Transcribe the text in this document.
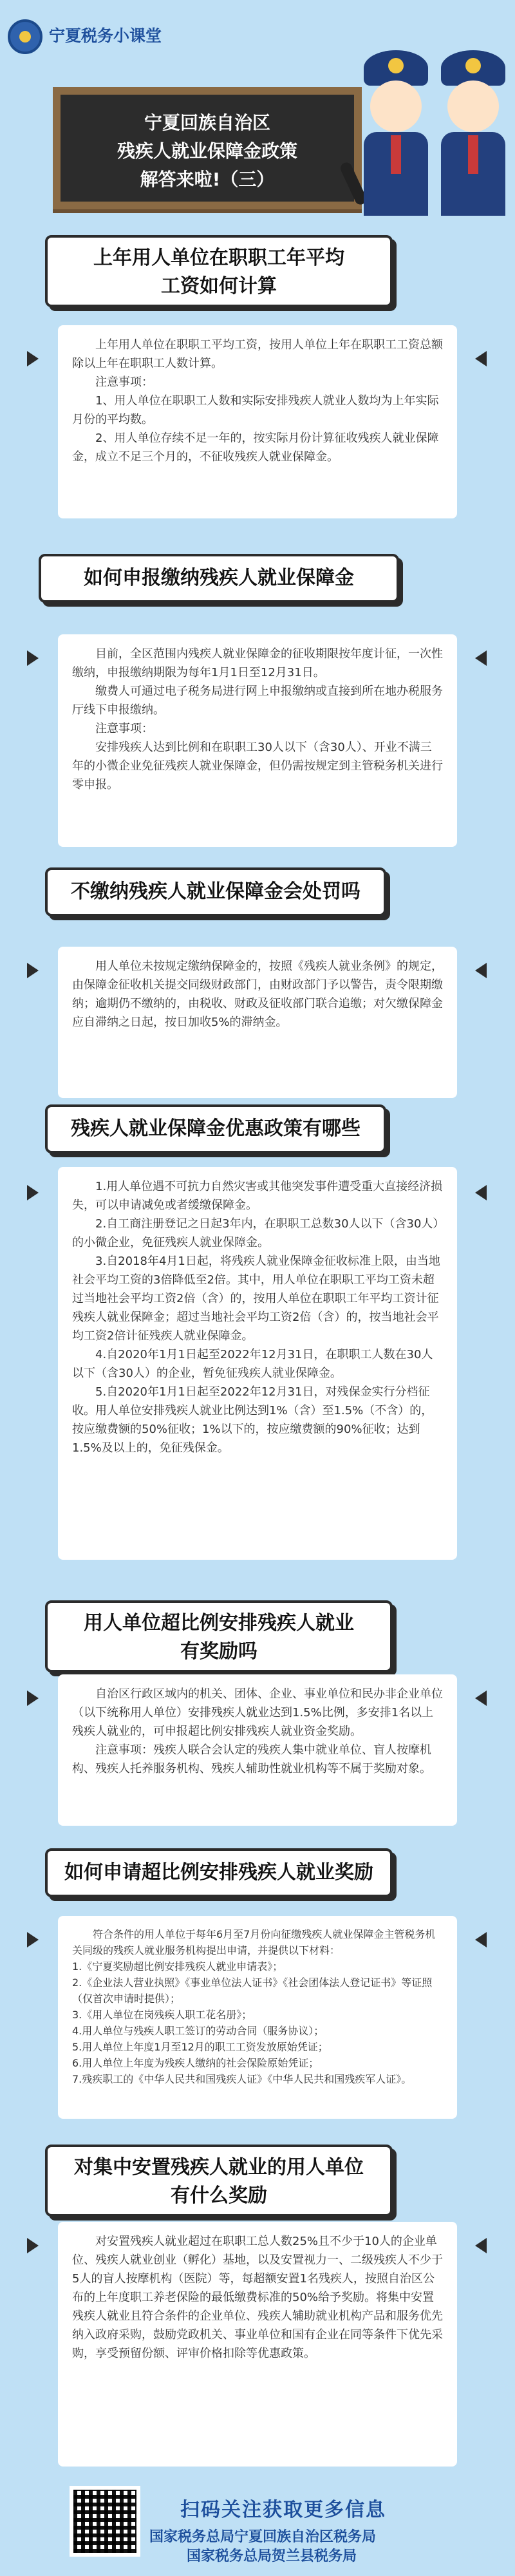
宁夏税务小课堂
宁夏回族自治区
残疾人就业保障金政策
解答来啦!（三）
上年用人单位在职职工年平均
工资如何计算

上年用人单位在职职工平均工资，按用人单位上年在职职工工资总额除以上年在职职工人数计算。

注意事项：

1、用人单位在职职工人数和实际安排残疾人就业人数均为上年实际月份的平均数。

2、用人单位存续不足一年的，按实际月份计算征收残疾人就业保障金，成立不足三个月的，不征收残疾人就业保障金。

如何申报缴纳残疾人就业保障金

目前，全区范围内残疾人就业保障金的征收期限按年度计征，一次性缴纳，申报缴纳期限为每年1月1日至12月31日。

缴费人可通过电子税务局进行网上申报缴纳或直接到所在地办税服务厅线下申报缴纳。

注意事项：

安排残疾人达到比例和在职职工30人以下（含30人）、开业不满三年的小微企业免征残疾人就业保障金，但仍需按规定到主管税务机关进行零申报。

不缴纳残疾人就业保障金会处罚吗

用人单位未按规定缴纳保障金的，按照《残疾人就业条例》的规定，由保障金征收机关提交同级财政部门，由财政部门予以警告，责令限期缴纳；逾期仍不缴纳的，由税收、财政及征收部门联合追缴；对欠缴保障金应自滞纳之日起，按日加收5%的滞纳金。

残疾人就业保障金优惠政策有哪些

1.用人单位遇不可抗力自然灾害或其他突发事件遭受重大直接经济损失，可以申请减免或者缓缴保障金。

2.自工商注册登记之日起3年内，在职职工总数30人以下（含30人）的小微企业，免征残疾人就业保障金。

3.自2018年4月1日起，将残疾人就业保障金征收标准上限，由当地社会平均工资的3倍降低至2倍。其中，用人单位在职职工平均工资未超过当地社会平均工资2倍（含）的，按用人单位在职职工年平均工资计征残疾人就业保障金；超过当地社会平均工资2倍（含）的，按当地社会平均工资2倍计征残疾人就业保障金。

4.自2020年1月1日起至2022年12月31日，在职职工人数在30人以下（含30人）的企业，暂免征残疾人就业保障金。

5.自2020年1月1日起至2022年12月31日，对残保金实行分档征收。用人单位安排残疾人就业比例达到1%（含）至1.5%（不含）的，按应缴费额的50%征收；1%以下的，按应缴费额的90%征收；达到1.5%及以上的，免征残保金。

用人单位超比例安排残疾人就业
有奖励吗

自治区行政区域内的机关、团体、企业、事业单位和民办非企业单位（以下统称用人单位）安排残疾人就业达到1.5%比例，多安排1名以上残疾人就业的，可申报超比例安排残疾人就业资金奖励。

注意事项：残疾人联合会认定的残疾人集中就业单位、盲人按摩机构、残疾人托养服务机构、残疾人辅助性就业机构等不属于奖励对象。

如何申请超比例安排残疾人就业奖励

符合条件的用人单位于每年6月至7月份向征缴残疾人就业保障金主管税务机关同级的残疾人就业服务机构提出申请，并提供以下材料：

1.《宁夏奖励超比例安排残疾人就业申请表》；

2.《企业法人营业执照》《事业单位法人证书》《社会团体法人登记证书》等证照（仅首次申请时提供）；

3.《用人单位在岗残疾人职工花名册》；

4.用人单位与残疾人职工签订的劳动合同（服务协议）；

5.用人单位上年度1月至12月的职工工资发放原始凭证；

6.用人单位上年度为残疾人缴纳的社会保险原始凭证；

7.残疾职工的《中华人民共和国残疾人证》《中华人民共和国残疾军人证》。

对集中安置残疾人就业的用人单位
有什么奖励

对安置残疾人就业超过在职职工总人数25%且不少于10人的企业单位、残疾人就业创业（孵化）基地，以及安置视力一、二级残疾人不少于5人的盲人按摩机构（医院）等，每超额安置1名残疾人，按照自治区公布的上年度职工养老保险的最低缴费标准的50%给予奖励。将集中安置残疾人就业且符合条件的企业单位、残疾人辅助就业机构产品和服务优先纳入政府采购，鼓励党政机关、事业单位和国有企业在同等条件下优先采购，享受预留份额、评审价格扣除等优惠政策。

扫码关注获取更多信息
国家税务总局宁夏回族自治区税务局
国家税务总局贺兰县税务局
